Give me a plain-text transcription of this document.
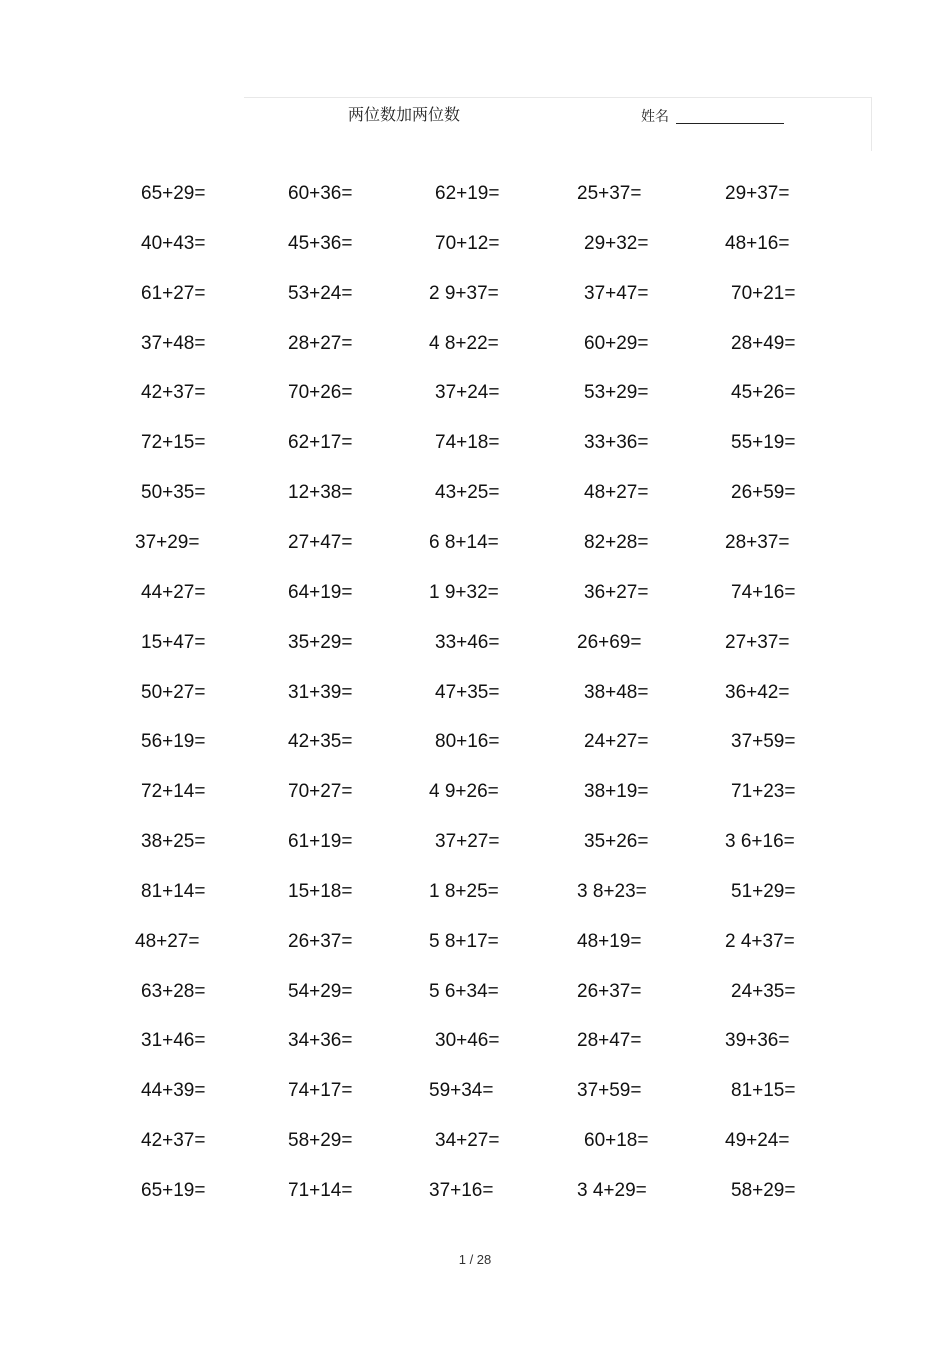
两位数加两位数	姓名
65+29=	60+36=	62+19=	25+37=	29+37=
40+43=	45+36=	70+12=	29+32=	48+16=
61+27=	53+24=	2 9+37=	37+47=	70+21=
37+48=	28+27=	4 8+22=	60+29=	28+49=
42+37=	70+26=	37+24=	53+29=	45+26=
72+15=	62+17=	74+18=	33+36=	55+19=
50+35=	12+38=	43+25=	48+27=	26+59=
37+29=	27+47=	6 8+14=	82+28=	28+37=
44+27=	64+19=	1 9+32=	36+27=	74+16=
15+47=	35+29=	33+46=	26+69=	27+37=
50+27=	31+39=	47+35=	38+48=	36+42=
56+19=	42+35=	80+16=	24+27=	37+59=
72+14=	70+27=	4 9+26=	38+19=	71+23=
38+25=	61+19=	37+27=	35+26=	3 6+16=
81+14=	15+18=	1 8+25=	3 8+23=	51+29=
48+27=	26+37=	5 8+17=	48+19=	2 4+37=
63+28=	54+29=	5 6+34=	26+37=	24+35=
31+46=	34+36=	30+46=	28+47=	39+36=
44+39=	74+17=	59+34=	37+59=	81+15=
42+37=	58+29=	34+27=	60+18=	49+24=
65+19=	71+14=	37+16=	3 4+29=	58+29=
1 / 28
